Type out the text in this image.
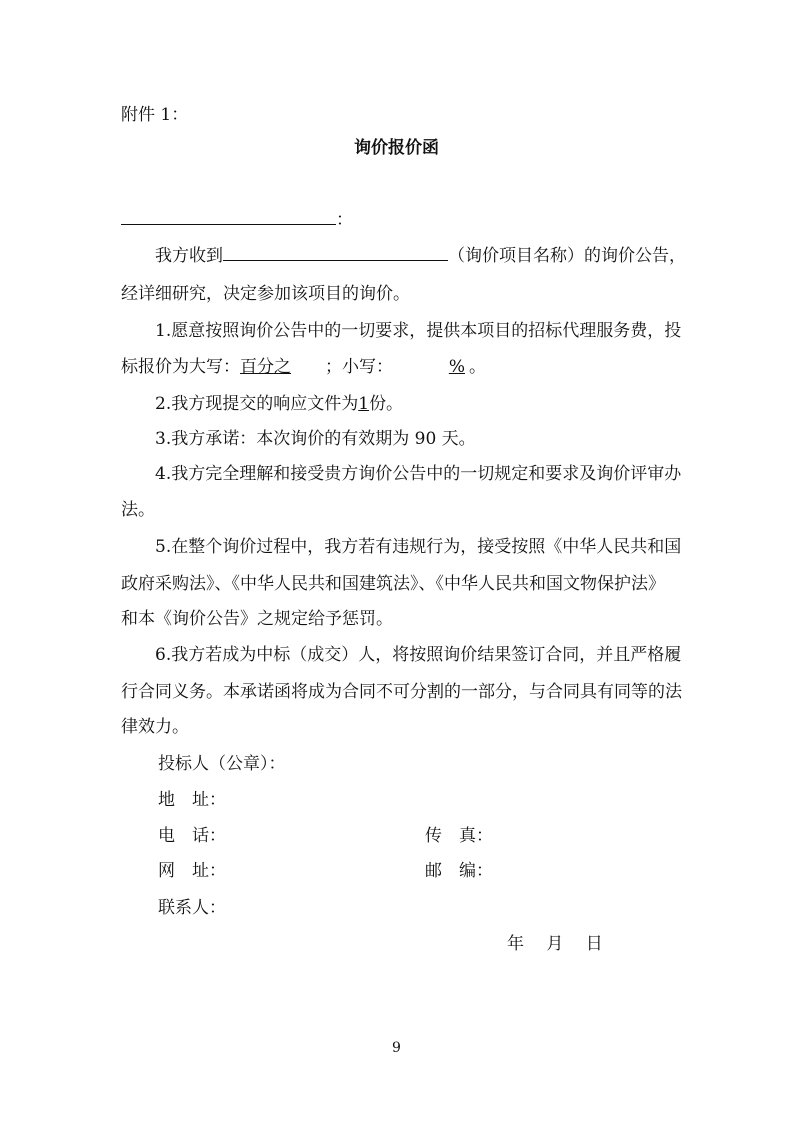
附件 1：
询价报价函
：
我方收到	（询价项目名称）的询价公告，
经详细研究，决定参加该项目的询价。
1.愿意按照询价公告中的一切要求，提供本项目的招标代理服务费，投
标报价为大写：百分之 ；小写：	% 。
2.我方现提交的响应文件为1份。
3.我方承诺：本次询价的有效期为 90 天。
4.我方完全理解和接受贵方询价公告中的一切规定和要求及询价评审办
法。
5.在整个询价过程中，我方若有违规行为，接受按照《中华人民共和国
政府采购法》、《中华人民共和国建筑法》、《中华人民共和国文物保护法》
和本《询价公告》之规定给予惩罚。
6.我方若成为中标（成交）人，将按照询价结果签订合同，并且严格履
行合同义务。本承诺函将成为合同不可分割的一部分，与合同具有同等的法
律效力。
投标人（公章）：
地　址：
电　话：	传　真：
网　址：	邮　编：
联系人：
年　 月　 日
9
